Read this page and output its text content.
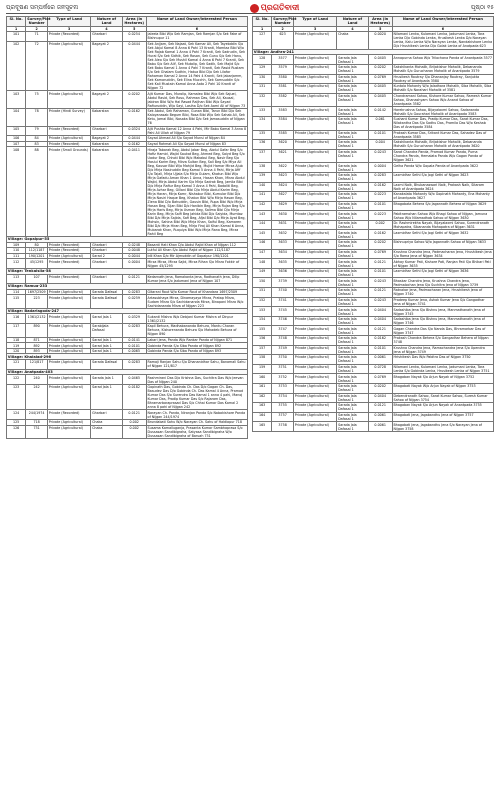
ପ୍ରଦୂଷଣ ସମ୍ପର୍କରେ ଜନସୂଚନା	ପ୍ରଗତିବାଦୀ	ପୃଷ୍ଠା ୧୫
Sl. No.	Survey/Plot Number	Type of Land	Nature of Land	Area (in Hectares)	Name of Land Owner/Interested Person
1	2	3	4	5	6
101	71	Private (Recorded)	Gharbari	0.0254	Jaleela Bibi W/o Sek Ramjan, Sek Ramjan S/o Sek Fake of Bishnupur 11
102	72	Private (Agricultural)	Bagayat 2	0.0444	Sek Anjjam, Sek Najaat, Sek Kamar Ali, Sek Tayebddin S/o Sek Abjul Kamal 8 Anna 6 Pahi 13 Kranti, Mamtaz Bibi W/o Sek Rajab Kamal 1 Anna 4 Pahi 7 Kranti, Sek Sadrudin, Sek Hurai S/o Sek Sidhik, Sek Rosan, Sek Gunu S/o Sek Hanu, Sek Aleo S/o Sek Mushil Kamal 4 Anna 6 Pahi 7 Kranti, Sek Babu S/o Sek Alif, Sek Mutalip, Sek Sadik, Sek Majid S/o Sek Babu Kamal 1 Anna 4 Pahi 7 Kranti, Sek Rasid Rustam S/o Sek Ghalam Sudhin, Hatua Bibi D/o Sek Lilafar Rahaman Kamal 2 Anna 14 Pahi 4 Kranti, Sek Jabarjamm, Sek Kamaruddin, Sek Elina Mucchh, Sek Samsuddin S/o Sek Kali Mustain Kamal Anna Aata 2 Pahi 10 Kranti of Nijgan 72
103	75	Private (Agricultural)	Bagayat 2	0.0202	Ajit Kumar Das, Murolip, Kamaleo Bibi W/o Sek Sajuel, Abdul Rasid, Sek Rosu, Rahman Das, Sek Ali, Kausal, Jabiran Bibi W/o Hai Rasad Raijhan Bibi W/o Sayad Rafiuruddin, W/o Sayi, Lasiha D/o Sek Aami Ali of Nijgan 73
104	78	Private (Hindi Survey)	Kabarstan	0.0162	Sek Abdul, Sek Rahaman, Gunan Bibi, Tarun Bibi D/o Sek Kaloyanasab Begum Bibi, Rosa Bibi W/o Sek Sahab Ali, Sek Ketu, Jamai Bibi, Nosaka Bibi D/o Sek Jamasuddin of Nijgan 76
105	79	Private (Recorded)	Gharbari	0.0324	Ajit Pushta Kamal 12 Anna 4 Pahi, Mir Babu Kamal 3 Anna 8 Pahi Ali Ullah of Nijgan 79
106	84	Private (Agricultural)	Bagayat 2	0.0444	Sayad Ahmad Ali S/o Sayad Munsi of Nijgan 84
107	83	Private (Recorded)	Kabarstan	0.0162	Sayad Rahmat Ali S/o Sayad Munsi of Nijgan 83
108	88	Private (Small Grounds)	Kabarstan	0.0411	Hiraja Tabarak Beg, Abdul Jabar Beg, Abdul Gafar Beg S/o Hafiz Hamid, Wajid Saukat Beg, Ahmed Beg, Saiyd Beg S/o Uadur Beg, Chhoti Bibi W/o Makabul Beg, Nasir Beg S/o Hasiul Karim Beg, Mirza Sultan Beg, Sali Beg S/o Miya Ali Beg, Kausar Bibi W/o Mahjid Beg, Mujid Hamar Mirza Ajub D/o Mirja Nasiruddin Beg Kamal 5 Anna 4 Pahi, Mirja Afif S/o Tajali, Mirja Ujjala S/o Mirja Gulam, Khatun Bibi W/o Mirja Gafadu Aman Khan 1 Anna, Hasan Khan, Mirza Abdul Wajid, Mirja Abdul Karim S/o Mirja Sadrak Beg, Jamila Bibi D/o Mirja Rafiur Beg Kamal 3 Anna 4 Pahi, Badaliti Beg, Mirja Azhar Beg, Gillani Bibi D/o Mirja Abdul Karim Beg, Mirja Haran, Mirja Kamr, Nishabur Bibi, Kumular Bibi D/o Mirja Nasiri Haque Beg, Khatun Bibi W/o Mirja Hasan Beg, Ziena Bibi D/o Bahuddin, Gausin Bibi, Rupa Bibi W/o Mirja Hasan Beg, Sijan Bibi D/o Hanibin Beg, Mirja Rujan Beg S/o Mirja Haris Beg, Mirja Usman Beg, Salima Bibi D/o Mirja Karin Beg, Mirja Saifi Beg Jahida Bibi D/o Saiyida, Mumtaz Bibi D/o Mirja Sajida, Safi Beg, Afjal Bibi D/o Mirja Ayat Beg, Mohsin, Sahina Bibi W/o Mirja Khan, Saiful Beg, Kamaren Bibi D/o Mirja Hiran Beg, Mirja Firoj Ali Khan Kamal 6 Anna, Mubarak Khan, Ruquiya Bibi W/o Mirja Rana Beg, Mirza Rahil Beg
Village: Gopalpur-55					
109	80	Private (Recorded)	Gharbari	0.0248	Basanti Hati Khan D/o Abdul Rajid Khan of Nijgan 112
110	112/1187	Private (Recorded)	Gharbari	0.0048	Lutful Ali Khan S/o Abdul Rajid of Nijgan 112/1187
111	190/1201	Private (Agricultural)	Sarad 2	0.0044	Idil Khan D/o Mir Ajmuddin of Gopalpur 190/1201
112	45/1295	Private (Recorded)	Gharbari	0.0004	Mirza Mirza, Mirza Sajid, Mirza Rihan S/o Mirza Fokkir of Nijgan 45/1295
Village: Tenkalsila-58					
113	107	Private (Recorded)	Gharbari	0.0121	Kedarnath Jena, Ramakanta Jena, Radhanath Jena, Dilip Kumar Jena S/o Jadumani Jena of Nijgan 107
Village: Ramua-233					
114	1697/2509	Private (Agricultural)	Sarada Dafasal	0.0283	Gitarani Rout W/o Kumar Rout of Khandara 1697/2509
115	223	Private (Agricultural)	Sarada Dafasal	0.0259	Artasubhaya Mirza, Dinamayaya Mirza, Pratap Mirza, Sudam Mirza S/o Sachidananda Mirza, Binapani Mirza W/o Sachidananda Mirza of Nijgan 223
Village: Badarlagoda-247					
116	1361/2132	Private (Agricultural)	Sarad Jala 1	0.0329	Sukanti Mishra W/o Debjani Kumar Mishra of Dinpur 1361/2132
117	890	Private (Agricultural)	Sarabijala Dafasal	0.0283	Kapil Behura, Madhabananda Behura, Mantu Charan Behura, Kishorenanda Behura S/o Mahadeb Behura of Nijgan 890
118	871	Private (Agricultural)	Sarad Jala 1	0.0141	Lakari Jena, Panda W/o Rankar Panda of Nijgan 871
119	892	Private (Agricultural)	Sarad Jala 1	0.0101	Gobinda Panda S/o Siba Panda of Nijgan 892
120	893	Private (Agricultural)	Sarad Jala 1	0.0065	Gobinda Panda S/o Siba Panda of Nijgan 893
Village: Khalalad-296					
121	121/817	Private (Agricultural)	Sarada Dafasal	0.0283	Ramaji Ranjan Sahu S/o Dhananidhar Sahu, Banamali Sahu of Nijgan 121/817
Village: Anatpada-403					
122	240	Private (Agricultural)	Sarada Jala 1	0.0465	Rashmirani Das D/o Krishna Das, Suchitra Das W/o Jeevan Das of Nijgan 240
123	242	Private (Agricultural)	Sarad Jala 1	0.0182	Gopinath Das, Gobinda Ch. Das D/o Gagan Ch. Das, Basudev Das D/o Gobinda Ch. Das Kamal 4 Anna, Pramod Kumar Das S/o Surendra Das Kamal 1 anna 4 pahi, Manoj Kumar Das, Pradip Kumar Das S/o Rajaram Das, Bhramarbaraprasad Das S/o Chhai Kumar Das Kamal 2 anna 8 pahi of Nijgan 242
124	244/1974	Private (Recorded)	Gharbari	0.0121	Narayan Ch. Panda, Niranjan Panda S/o Nabakishore Panda of Nijgan 244/1974
125	718	Private (Agricultural)	Chaka	0.002	Brundabati Sahu W/o Narayan Ch. Sahu of Haldiapur 718
126	731	Private (Agricultural)	Chaka	0.002	Susama Kamalluganja, Prasanta Kumar Sambhaprasa S/o Dussasan Sandibigraha, Satyasa Sandibigraha W/o Dussasan Sandibigraha of Baruah 731
Sl. No.	Survey/Plot Number	Type of Land	Nature of Land	Area (in Hectares)	Name of Land Owner/Interested Person
1	2	3	4	5	6
127	623	Private (Agricultural)	Chaka	0.0020	Nilamani Lenka, Kulamani Lenka, Jadumani Lenka, Tara Lenka D/o Gobinda Lenka, Hrusikesh Lenka D/o Narayan Lenka, Kalu Lenka W/o Narayan Lenka, Nandakishore Lenka D/o Hrushikesh Lenka D/o Golak Lenka of Anatpada 623
Village: Andhra-241					
128	3577	Private (Agricultural)	Sarada Jala Dafasal 1	0.0405	Annapurna Sahoo W/o Trilochana Panda of Anantpada 3577
129	3579	Private (Agricultural)	Sarada Jala Dafasal 1	0.0202	Sakshikanta Mohalik, Brijakishor Mohalik, Debananda Mohalik S/o Gurucharan Mohalik of Anantpada 3579
130	3580	Private (Agricultural)	Sarada Jala Dafasal 1	0.0769	Hrusikesh Routray S/o Dhananjay Routray, Sanjukta Routray of Anantpada 3580
131	3581	Private (Agricultural)	Sarada Jala Dafasal 1	0.0405	Kuntala Mohanty W/o Jaladhara Mohalik, Siba Mohalik, Siba Mohalik S/o Narahari Mohalik of 3581
132	3582	Private (Agricultural)	Sarada Jala Dafasal 1	0.0405	Chandramani Sahoo, Kishore Kumar Sahoo, Ramesh Kumar Sahoo, Ghanashyam Sahoo W/o Anand Sahoo of Anantpada 3582
133	3583	Private (Agricultural)	Sarada Jala Dafasal 1	0.0142	Harekrushna Sahoo, Bijayalaxmi Sahoo, Sadananda Mohalik S/o Gourahari Mohalik of Anantpada 3583
134	3584	Private (Agricultural)	Sarada Jala Dafasal 1	0.061	Sushant Kumar Das, Pradip Kumar Das, Sarat Kumar Das, Nilakantha Das S/o Sadhu Das, Pramila Das W/o Keshab Das of Anantpada 3584
135	3585	Private (Agricultural)	Sarada Jala Dafasal 1	0.0101	Prakash Kumar Das, Srikant Kumar Das, Sahadev Das of Anantpada 3585
136	3620	Private (Agricultural)	Sarada Jala Dafasal 1	0.004	Sakshikanta Mohalik, Brijakishor Mohalik, Debananda Mohalik S/o Gurucharan Mohalik of Anantpada 3620
137	3621	Private (Agricultural)	Sarada Jala Dafasal 1	0.0243	Sarat Chandra Panda, Pramod Kumar Panda, Purna Chandra Panda, Hemalata Panda W/o Gagan Panda of Nijgan 3621
138	3622	Private (Agricultural)	Sarada Jala Dafasal 1	0.0004	Gelha Panda W/o Gopala Panda of Anantpada 3622
139	3623	Private (Agricultural)	Sarada Jala Dafasal 1	0.0283	Laxmidhar Sethi S/o Jogi Sethi of Nijgan 3623
140	3624	Private (Agricultural)	Sarada Jala Dafasal 1	0.0162	Laxmi Naik, Bhubanaswari Naik, Prakash Naik, Sitaram Naik of Anantpada 3624
141	3627	Private (Agricultural)	Sarada Jala Dafasal 1	0.0223	Kanakalata Mohanty W/o Gopinath Mohanty, Ena Mohanty of Anantpada 3627
142	3629	Private (Agricultural)	Sarada Jala Dafasal 1	0.0101	Bhagabata Behera S/o Jagannath Behera of Nijgan 3629
143	3630	Private (Agricultural)	Sarada Jala Dafasal 1	0.0223	Pabitramohan Sahoo W/o Bhagi Sahoo of Nijgan, Jamuna Sahoo W/o Nilamadhab Sahoo of Nijgan 3630
144	3631	Private (Agricultural)	Sarada Jala Dafasal 1	0.002	Dr. Rashmirekha Nayak, Bijayalaxmi Sahoo, Surendranath Mohapatra, Sibananda Mohapatra of Nijgan 3631
145	3632	Private (Agricultural)	Sarada Jala Dafasal 1	0.0162	Laxmidhar Sethi S/o Jogi Sethi of Nijgan 3632
146	3633	Private (Agricultural)	Sarada Jala Dafasal 1	0.0202	Bishnupriya Sahoo W/o Jagannath Sahoo of Nijgan 3633
147	3634	Private (Agricultural)	Sarada Jala Dafasal 1	0.0769	Krushna Chandra Jena, Padmacharan Jena, Hrushikesh Jena S/o Rama Jena of Nijgan 3634
148	3635	Private (Agricultural)	Sarada Jala Dafasal 1	0.0121	Abhay Kumar Pati, Kishore Pati, Ranjan Pati S/o Bhikari Pati of Nijgan 3635
149	3636	Private (Agricultural)	Sarada Jala Dafasal 1	0.0101	Laxmidhar Sethi S/o Jogi Sethi of Nijgan 3636
150	3739	Private (Agricultural)	Sarada Jala Dafasal 1	0.0243	Bhaskar Chandra Jena, Krushna Chandra Jena, Padmalochan Jena S/o Suchitra Jena of Nijgan 3739
151	3740	Private (Agricultural)	Sarada Jala Dafasal 1	0.0121	Ratnakar Jena, Padmacharan Jena, Hrushikesh Jena of Nijgan 3740
152	3741	Private (Agricultural)	Sarada Jala Dafasal 1	0.0243	Pradeep Kumar Jena, Ashok Kumar Jena S/o Gangadhar Jena of Nijgan 3741
153	3745	Private (Agricultural)	Sarada Jala Dafasal 1	0.0404	Sadashiba Jena S/o Bishnu Jena, Manmathanath Jena of Nijgan 3745
154	3746	Private (Agricultural)	Sarada Jala Dafasal 1	0.0404	Sadashiba Jena S/o Bishnu Jena, Manmathanath Jena of Nijgan 3746
155	3747	Private (Agricultural)	Sarada Jala Dafasal 1	0.0121	Gagan Chandra Das S/o Nanda Das, Bhramarbar Das of Nijgan 3747
156	3748	Private (Agricultural)	Sarada Jala Dafasal 1	0.0162	Prakash Chandra Behera S/o Gangadhar Behera of Nijgan 3748
157	3749	Private (Agricultural)	Sarada Jala Dafasal 1	0.0101	Krushna Chandra Jena, Ramachandra Jena S/o Upendra Jena of Nijgan 3749
158	3750	Private (Agricultural)	Sarada Jala Dafasal 1	0.0061	Hrishikesh Das W/o Pabitra Das of Nijgan 3750
159	3751	Private (Agricultural)	Sarada Jala Dafasal 1	0.0728	Nilamani Lenka, Kulamani Lenka, Jadumani Lenka, Tara Lenka S/o Gobinda Lenka, Hrusikesh Lenka of Nijgan 3751
160	3752	Private (Agricultural)	Sarada Jala Dafasal 1	0.0769	Bhagaban Nayak S/o Arjun Nayak of Nijgan 3752
161	3753	Private (Agricultural)	Sarada Jala Dafasal 1	0.0202	Bhagabati Nayak W/o Arjun Nayak of Nijgan 3753
162	3754	Private (Agricultural)	Sarada Jala Dafasal 1	0.0404	Debendranath Sahoo, Sarat Kumar Sahoo, Suresh Kumar Sahoo of Nijgan 3754
163	3755	Private (Agricultural)	Sarada Jala Dafasal 1	0.0121	Bhagaban Nayak S/o Arjun Nayak of Anantpada 3755
164	3757	Private (Agricultural)	Sarada Jala Dafasal 1	0.0061	Bhagabati Jena, Jagabandhu Jena of Nijgan 3757
165	3758	Private (Agricultural)	Sarada Jala Dafasal 1	0.0061	Bhagabati Jena, Jagabandhu Jena S/o Narayan Jena of Nijgan 3758
